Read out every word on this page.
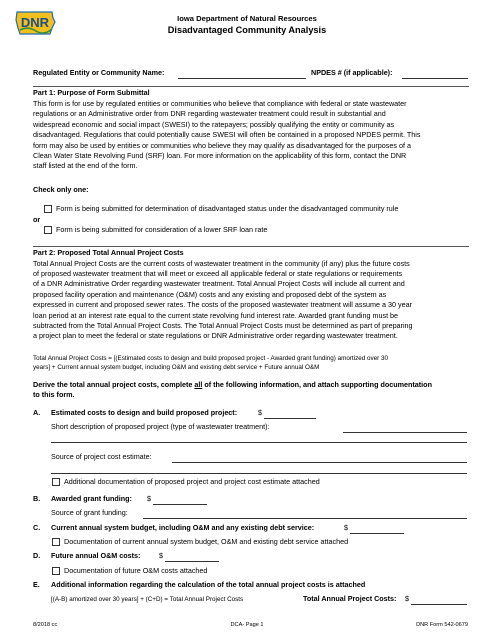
DNR	Iowa Department of Natural Resources
Disadvantaged Community Analysis
Regulated Entity or Community Name:	NPDES # (if applicable):
Part 1: Purpose of Form Submittal
This form is for use by regulated entities or communities who believe that compliance with federal or state wastewater
regulations or an Administrative order from DNR regarding wastewater treatment could result in substantial and
widespread economic and social impact (SWESI) to the ratepayers; possibly qualifying the entity or community as
disadvantaged. Regulations that could potentially cause SWESI will often be contained in a proposed NPDES permit. This
form may also be used by entities or communities who believe they may qualify as disadvantaged for the purposes of a
Clean Water State Revolving Fund (SRF) loan. For more information on the applicability of this form, contact the DNR
staff listed at the end of the form.
Check only one:
Form is being submitted for determination of disadvantaged status under the disadvantaged community rule
or
Form is being submitted for consideration of a lower SRF loan rate
Part 2: Proposed Total Annual Project Costs
Total Annual Project Costs are the current costs of wastewater treatment in the community (if any) plus the future costs
of proposed wastewater treatment that will meet or exceed all applicable federal or state regulations or requirements
of a DNR Administrative Order regarding wastewater treatment. Total Annual Project Costs will include all current and
proposed facility operation and maintenance (O&M) costs and any existing and proposed debt of the system as
expressed in current and proposed sewer rates. The costs of the proposed wastewater treatment will assume a 30 year
loan period at an interest rate equal to the current state revolving fund interest rate. Awarded grant funding must be
subtracted from the Total Annual Project Costs. The Total Annual Project Costs must be determined as part of preparing
a project plan to meet the federal or state regulations or DNR Administrative order regarding wastewater treatment.
Total Annual Project Costs = [(Estimated costs to design and build proposed project - Awarded grant funding) amortized over 30
years] + Current annual system budget, including O&M and existing debt service + Future annual O&M
Derive the total annual project costs, complete all of the following information, and attach supporting documentation
to this form.
A. Estimated costs to design and build proposed project:	$
Short description of proposed project (type of wastewater treatment):
Source of project cost estimate:
Additional documentation of proposed project and project cost estimate attached
B. Awarded grant funding: $
Source of grant funding:
C. Current annual system budget, including O&M and any existing debt service:	$
Documentation of current annual system budget, O&M and existing debt service attached
D. Future annual O&M costs:	$
Documentation of future O&M costs attached
E. Additional information regarding the calculation of the total annual project costs is attached
[(A-B) amortized over 30 years] + (C+D) = Total Annual Project Costs	Total Annual Project Costs: $
8/2018 cc	DCA- Page 1	DNR Form 542-0679
